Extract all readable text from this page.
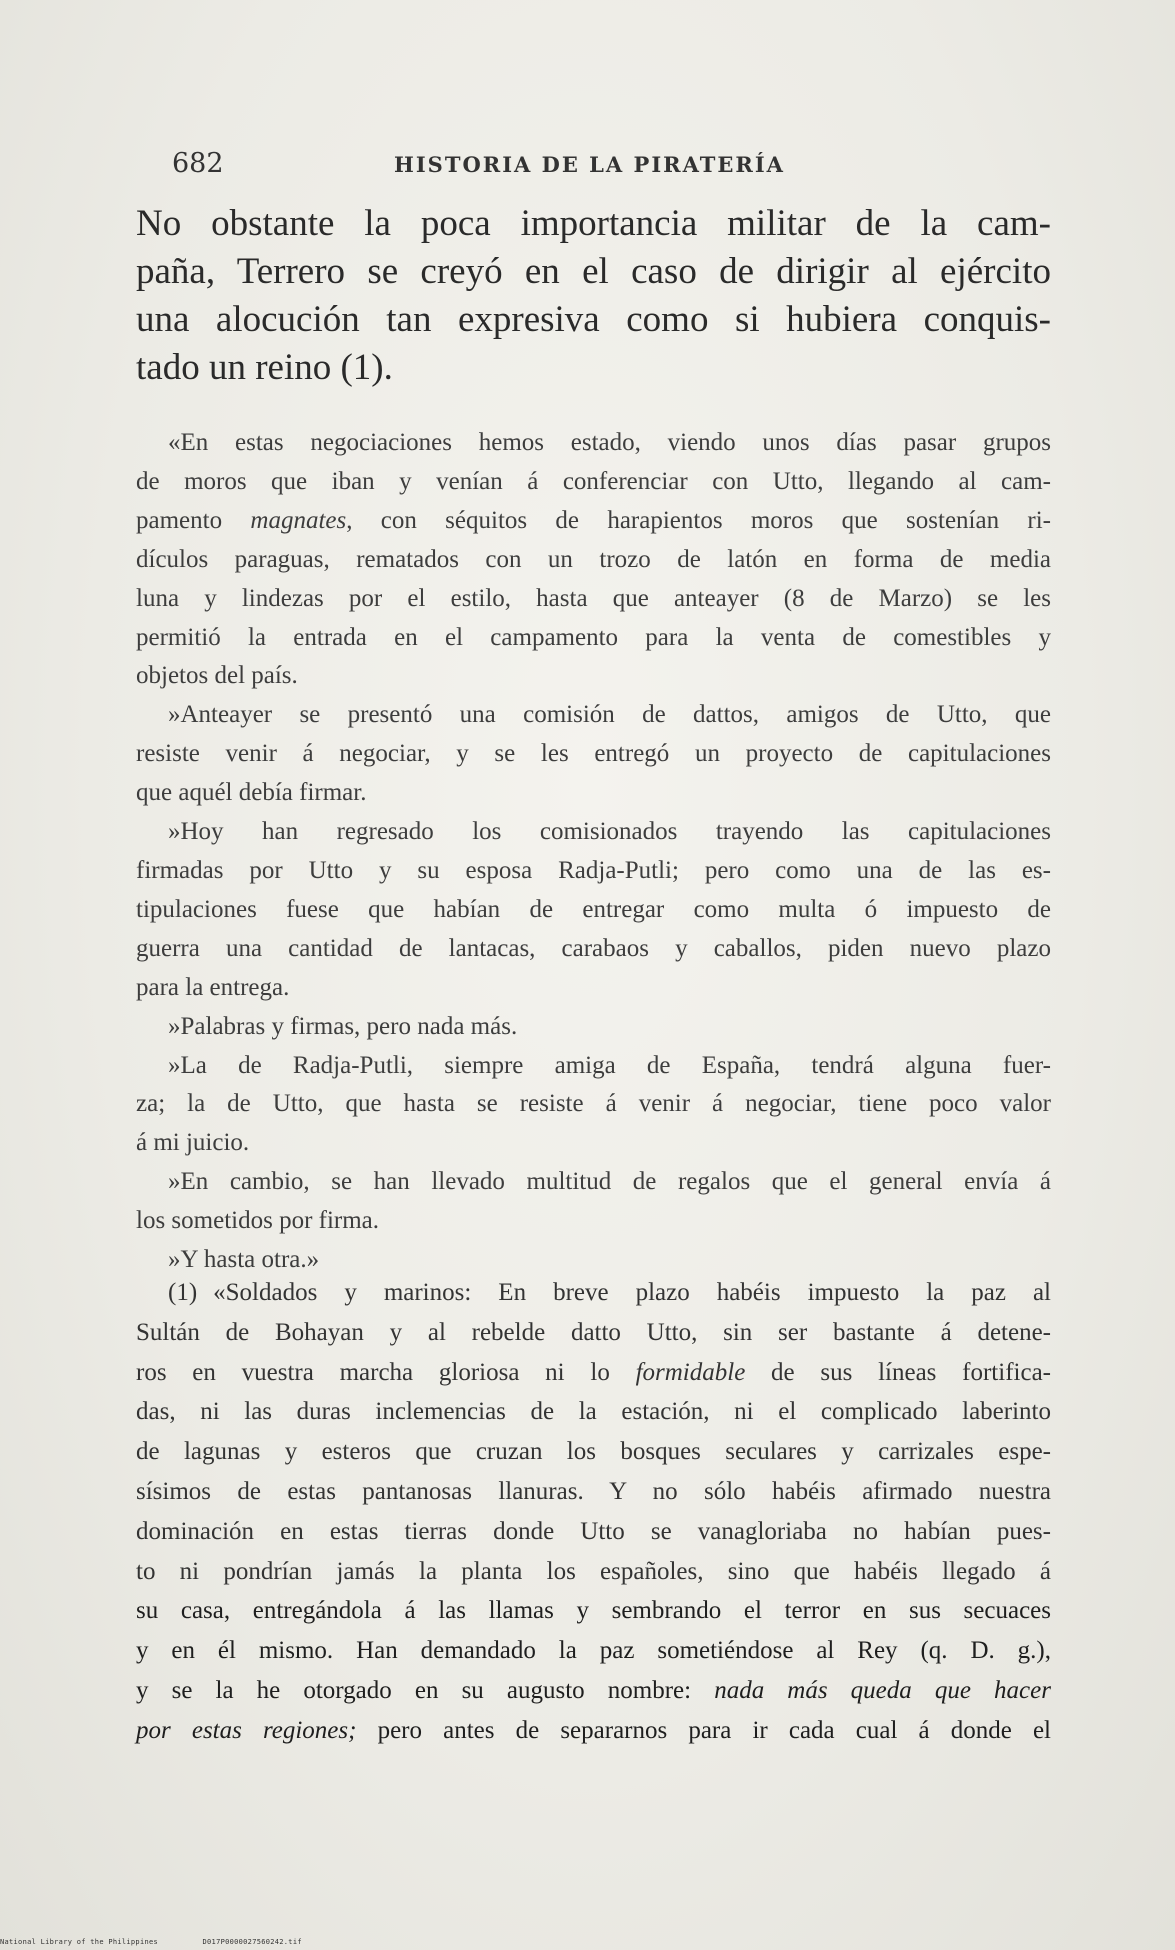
682	HISTORIA DE LA PIRATERÍA
No obstante la poca importancia militar de la cam-
paña, Terrero se creyó en el caso de dirigir al ejército
una alocución tan expresiva como si hubiera conquis-
tado un reino (1).
«En estas negociaciones hemos estado, viendo unos días pasar grupos
de moros que iban y venían á conferenciar con Utto, llegando al cam-
pamento magnates, con séquitos de harapientos moros que sostenían ri-
dículos paraguas, rematados con un trozo de latón en forma de media
luna y lindezas por el estilo, hasta que anteayer (8 de Marzo) se les
permitió la entrada en el campamento para la venta de comestibles y
objetos del país.
»Anteayer se presentó una comisión de dattos, amigos de Utto, que
resiste venir á negociar, y se les entregó un proyecto de capitulaciones
que aquél debía firmar.
»Hoy han regresado los comisionados trayendo las capitulaciones
firmadas por Utto y su esposa Radja-Putli; pero como una de las es-
tipulaciones fuese que habían de entregar como multa ó impuesto de
guerra una cantidad de lantacas, carabaos y caballos, piden nuevo plazo
para la entrega.
»Palabras y firmas, pero nada más.
»La de Radja-Putli, siempre amiga de España, tendrá alguna fuer-
za; la de Utto, que hasta se resiste á venir á negociar, tiene poco valor
á mi juicio.
»En cambio, se han llevado multitud de regalos que el general envía á
los sometidos por firma.
»Y hasta otra.»
(1) «Soldados y marinos: En breve plazo habéis impuesto la paz al
Sultán de Bohayan y al rebelde datto Utto, sin ser bastante á detene-
ros en vuestra marcha gloriosa ni lo formidable de sus líneas fortifica-
das, ni las duras inclemencias de la estación, ni el complicado laberinto
de lagunas y esteros que cruzan los bosques seculares y carrizales espe-
sísimos de estas pantanosas llanuras. Y no sólo habéis afirmado nuestra
dominación en estas tierras donde Utto se vanagloriaba no habían pues-
to ni pondrían jamás la planta los españoles, sino que habéis llegado á
su casa, entregándola á las llamas y sembrando el terror en sus secuaces
y en él mismo. Han demandado la paz sometiéndose al Rey (q. D. g.),
y se la he otorgado en su augusto nombre: nada más queda que hacer
por estas regiones; pero antes de separarnos para ir cada cual á donde el
National Library of the Philippines	D017P0000027560242.tif
